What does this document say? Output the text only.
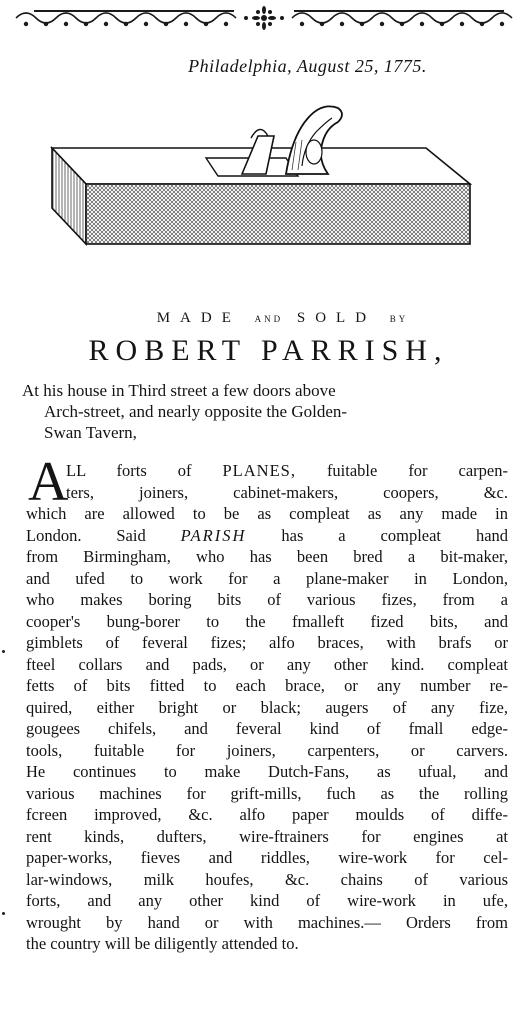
Philadelphia, August 25, 1775.
MADE AND SOLD BY
ROBERT PARRISH,
At his house in Third street a few doors above
Arch-street, and nearly opposite the Golden-
Swan Tavern,
A
LL forts of PLANES, fuitable for carpen-
ters, joiners, cabinet-makers, coopers, &c.
which are allowed to be as compleat as any made in
London. Said PARISH has a compleat hand
from Birmingham, who has been bred a bit-maker,
and ufed to work for a plane-maker in London,
who makes boring bits of various fizes, from a
cooper's bung-borer to the fmalleft fized bits, and
gimblets of feveral fizes; alfo braces, with brafs or
fteel collars and pads, or any other kind. compleat
fetts of bits fitted to each brace, or any number re-
quired, either bright or black; augers of any fize,
gougees chifels, and feveral kind of fmall edge-
tools, fuitable for joiners, carpenters, or carvers.
He continues to make Dutch-Fans, as ufual, and
various machines for grift-mills, fuch as the rolling
fcreen improved, &c. alfo paper moulds of diffe-
rent kinds, dufters, wire-ftrainers for engines at
paper-works, fieves and riddles, wire-work for cel-
lar-windows, milk houfes, &c. chains of various
forts, and any other kind of wire-work in ufe,
wrought by hand or with machines.— Orders from
the country will be diligently attended to.
